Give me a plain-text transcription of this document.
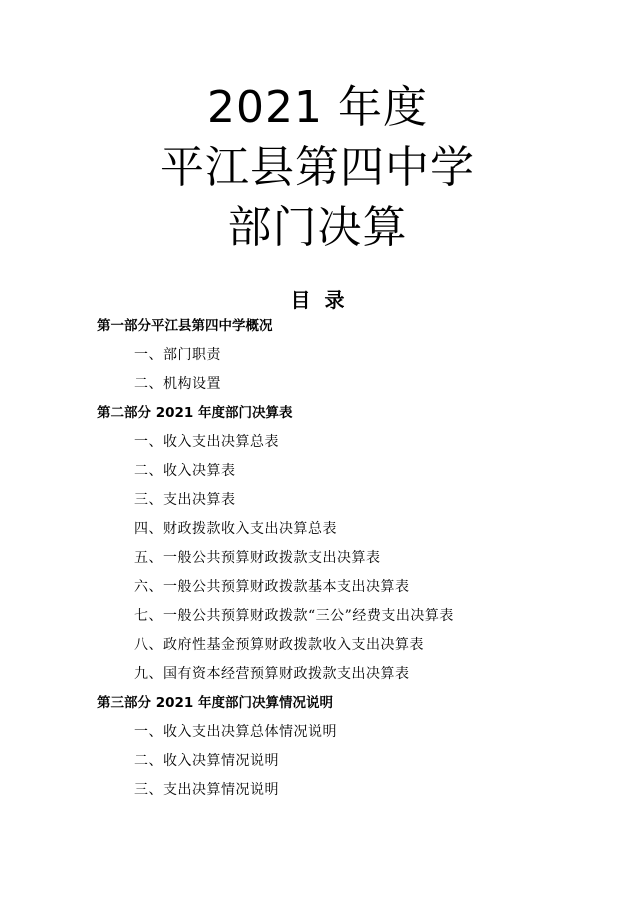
2021 年度
平江县第四中学
部门决算
目  录
第一部分平江县第四中学概况
一、部门职责
二、机构设置
第二部分 2021 年度部门决算表
一、收入支出决算总表
二、收入决算表
三、支出决算表
四、财政拨款收入支出决算总表
五、一般公共预算财政拨款支出决算表
六、一般公共预算财政拨款基本支出决算表
七、一般公共预算财政拨款“三公”经费支出决算表
八、政府性基金预算财政拨款收入支出决算表
九、国有资本经营预算财政拨款支出决算表
第三部分 2021 年度部门决算情况说明
一、收入支出决算总体情况说明
二、收入决算情况说明
三、支出决算情况说明
